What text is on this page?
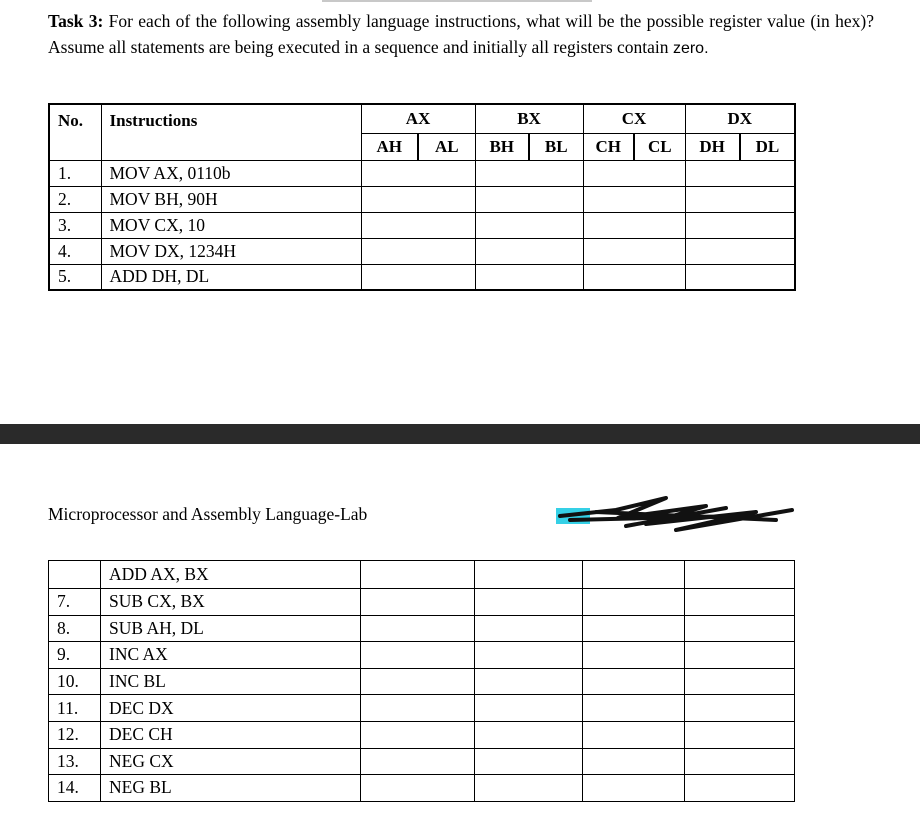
Task 3: For each of the following assembly language instructions, what will be the possible register value (in hex)? Assume all statements are being executed in a sequence and initially all registers contain zero.
No.	Instructions	AX	BX	CX	DX

AH AL	BH BL	CH CL	DH DL

1.	MOV AX, 0110b				
2.	MOV BH, 90H				
3.	MOV CX, 10				
4.	MOV DX, 1234H				
5.	ADD DH, DL				
Microprocessor and Assembly Language-Lab
	ADD AX, BX				
7.	SUB CX, BX				
8.	SUB AH, DL				
9.	INC AX				
10.	INC BL				
11.	DEC DX				
12.	DEC CH				
13.	NEG CX				
14.	NEG BL				
